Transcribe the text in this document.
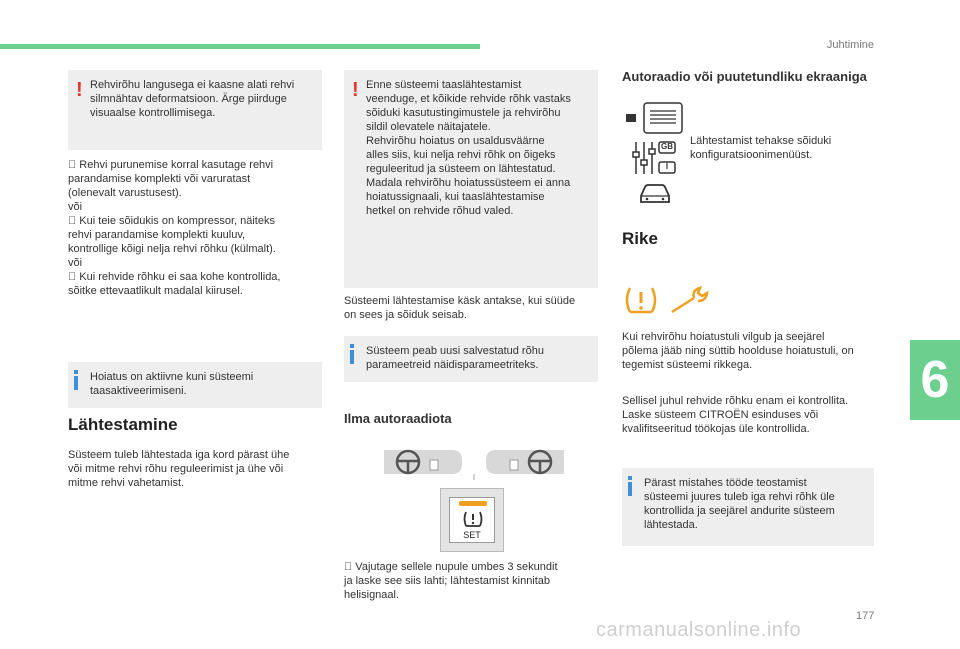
Juhtimine
6
! Rehvirõhu langusega ei kaasne alati rehvi
silmnähtav deformatsioon. Ärge piirduge
visuaalse kontrollimisega.

Rehvi purunemise korral kasutage rehvi
parandamise komplekti või varuratast
(olenevalt varustusest).
või
Kui teie sõidukis on kompressor, näiteks
rehvi parandamise komplekti kuuluv,
kontrollige kõigi nelja rehvi rõhku (külmalt).
või
Kui rehvide rõhku ei saa kohe kontrollida,
sõitke ettevaatlikult madalal kiirusel.

Hoiatus on aktiivne kuni süsteemi
taasaktiveerimiseni.

Lähtestamine
Süsteem tuleb lähtestada iga kord pärast ühe
või mitme rehvi rõhu reguleerimist ja ühe või
mitme rehvi vahetamist.
! Enne süsteemi taaslähtestamist
veenduge, et kõikide rehvide rõhk vastaks
sõiduki kasutustingimustele ja rehvirõhu
sildil olevatele näitajatele.
Rehvirõhu hoiatus on usaldusväärne
alles siis, kui nelja rehvi rõhk on õigeks
reguleeritud ja süsteem on lähtestatud.
Madala rehvirõhu hoiatussüsteem ei anna
hoiatussignaali, kui taaslähtestamise
hetkel on rehvide rõhud valed.

Süsteemi lähtestamise käsk antakse, kui süüde
on sees ja sõiduk seisab.

Süsteem peab uusi salvestatud rõhu
parameetreid näidisparameetriteks.

Ilma autoraadiota
SET
Vajutage sellele nupule umbes 3 sekundit
ja laske see siis lahti; lähtestamist kinnitab
helisignaal.
Autoraadio või puutetundliku ekraaniga
GB
I
Lähtestamist tehakse sõiduki
konfiguratsioonimenüüst.
Rike
Kui rehvirõhu hoiatustuli vilgub ja seejärel
põlema jääb ning süttib hoolduse hoiatustuli, on
tegemist süsteemi rikkega.
Sellisel juhul rehvide rõhku enam ei kontrollita.
Laske süsteem CITROËN esinduses või
kvalifitseeritud töökojas üle kontrollida.

Pärast mistahes tööde teostamist
süsteemi juures tuleb iga rehvi rõhk üle
kontrollida ja seejärel andurite süsteem
lähtestada.

177
carmanualsonline.info
